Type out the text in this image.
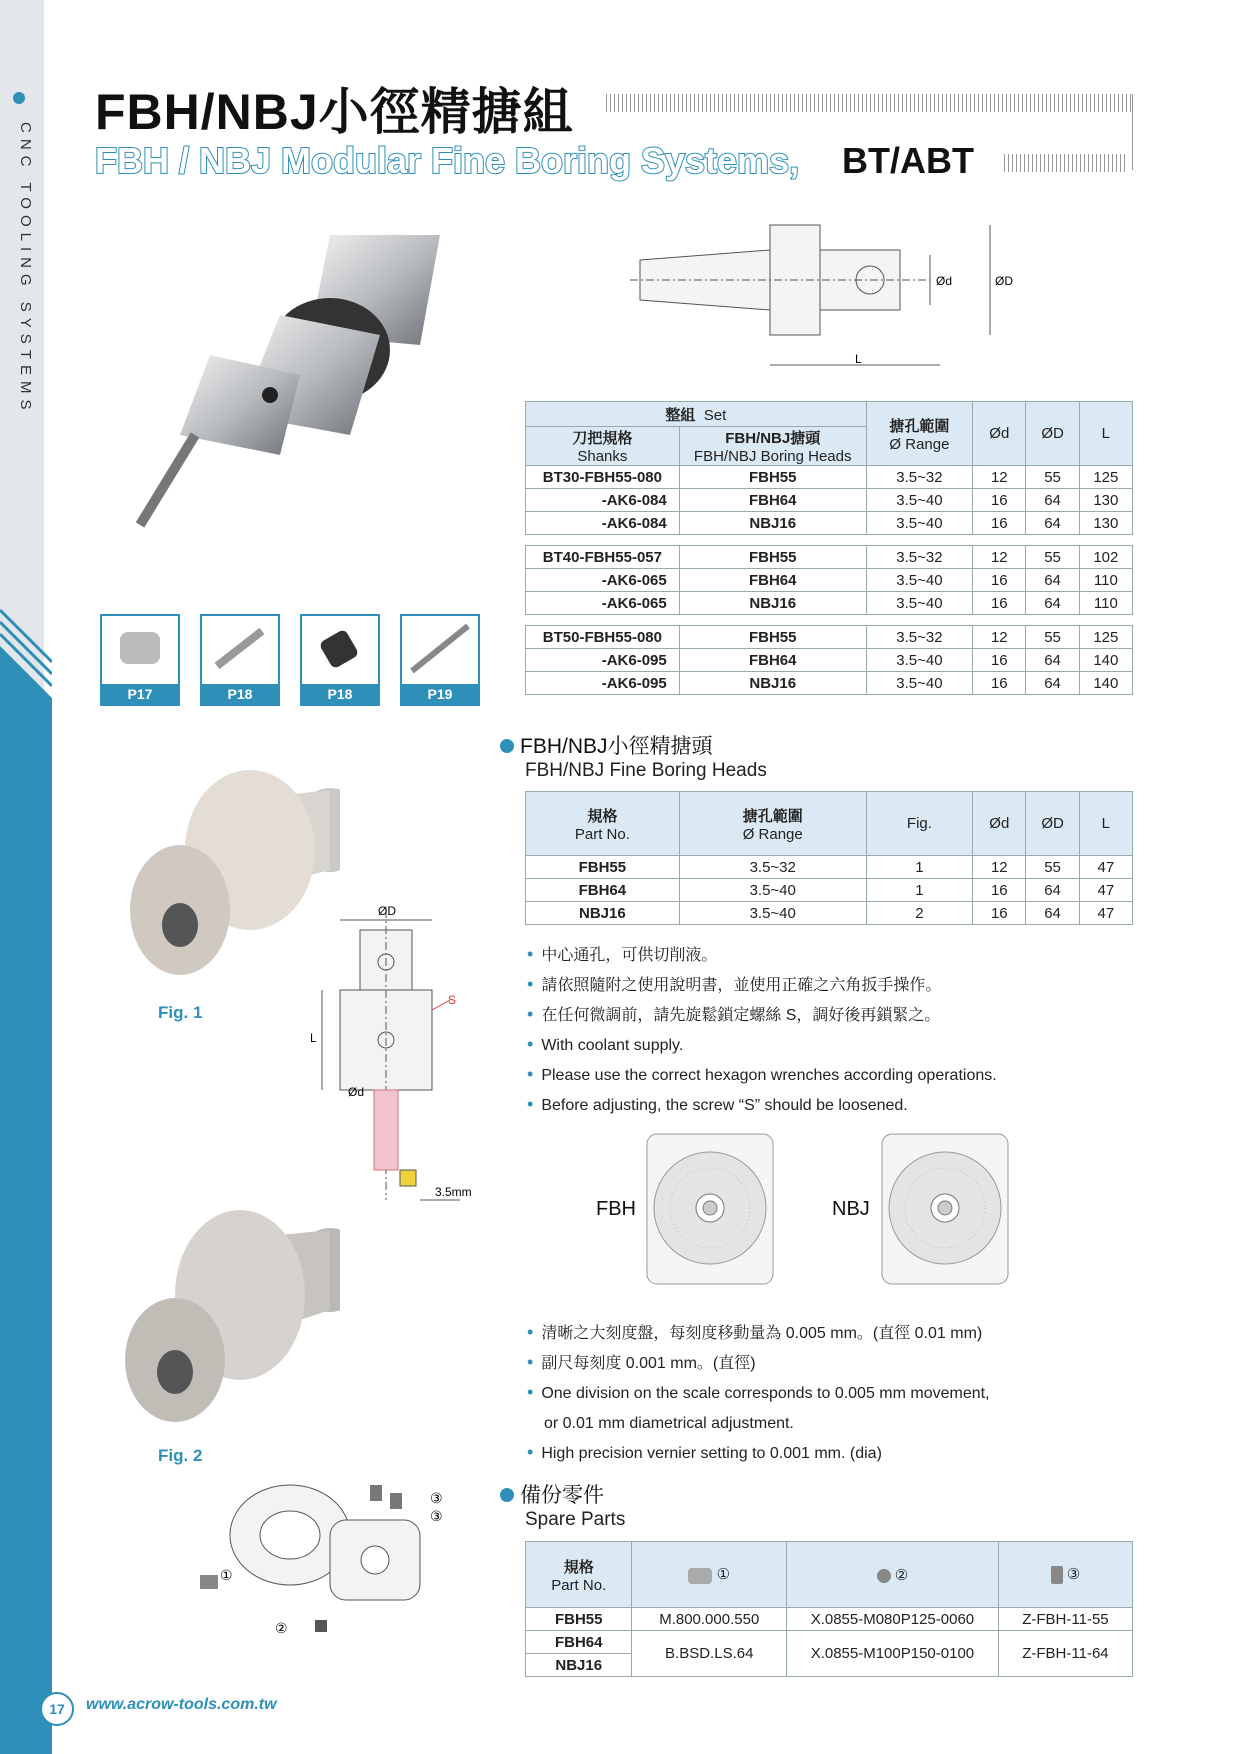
CNC TOOLING SYSTEMS
FBH/NBJ小徑精搪組
FBH / NBJ Modular Fine Boring Systems, BT/ABT
P17	P18	P18	P19
L
Ød	ØD
整組 Set		搪孔範圍
Ø Range	Ød	ØD	L
刀把規格
Shanks	FBH/NBJ搪頭
FBH/NBJ Boring Heads				
BT30-FBH55-080	FBH55	3.5~32	12	55	125
-AK6-084	FBH64	3.5~40	16	64	130
-AK6-084	NBJ16	3.5~40	16	64	130

BT40-FBH55-057	FBH55	3.5~32	12	55	102
-AK6-065	FBH64	3.5~40	16	64	110
-AK6-065	NBJ16	3.5~40	16	64	110

BT50-FBH55-080	FBH55	3.5~32	12	55	125
-AK6-095	FBH64	3.5~40	16	64	140
-AK6-095	NBJ16	3.5~40	16	64	140
FBH/NBJ小徑精搪頭
FBH/NBJ Fine Boring Heads
規格
Part No.	搪孔範圍
Ø Range	Fig.	Ød	ØD	L
FBH55	3.5~32	1	12	55	47
FBH64	3.5~40	1	16	64	47
NBJ16	3.5~40	2	16	64	47
• 中心通孔，可供切削液。
• 請依照隨附之使用說明書，並使用正確之六角扳手操作。
• 在任何微調前，請先旋鬆鎖定螺絲 S，調好後再鎖緊之。
• With coolant supply.
• Please use the correct hexagon wrenches according operations.
• Before adjusting, the screw “S” should be loosened.
Fig. 1
ØD
L
S
Ød
3.5mm
Fig. 2
③
③
①
②
FBH	NBJ
• 清晰之大刻度盤，每刻度移動量為 0.005 mm。(直徑 0.01 mm)
• 副尺每刻度 0.001 mm。(直徑)
• One division on the scale corresponds to 0.005 mm movement,
or 0.01 mm diametrical adjustment.
• High precision vernier setting to 0.001 mm. (dia)
備份零件
Spare Parts
規格
Part No.	①	②	③
FBH55	M.800.000.550	X.0855-M080P125-0060	Z-FBH-11-55
FBH64	B.BSD.LS.64	X.0855-M100P150-0100	Z-FBH-11-64
NBJ16			
17	www.acrow-tools.com.tw
